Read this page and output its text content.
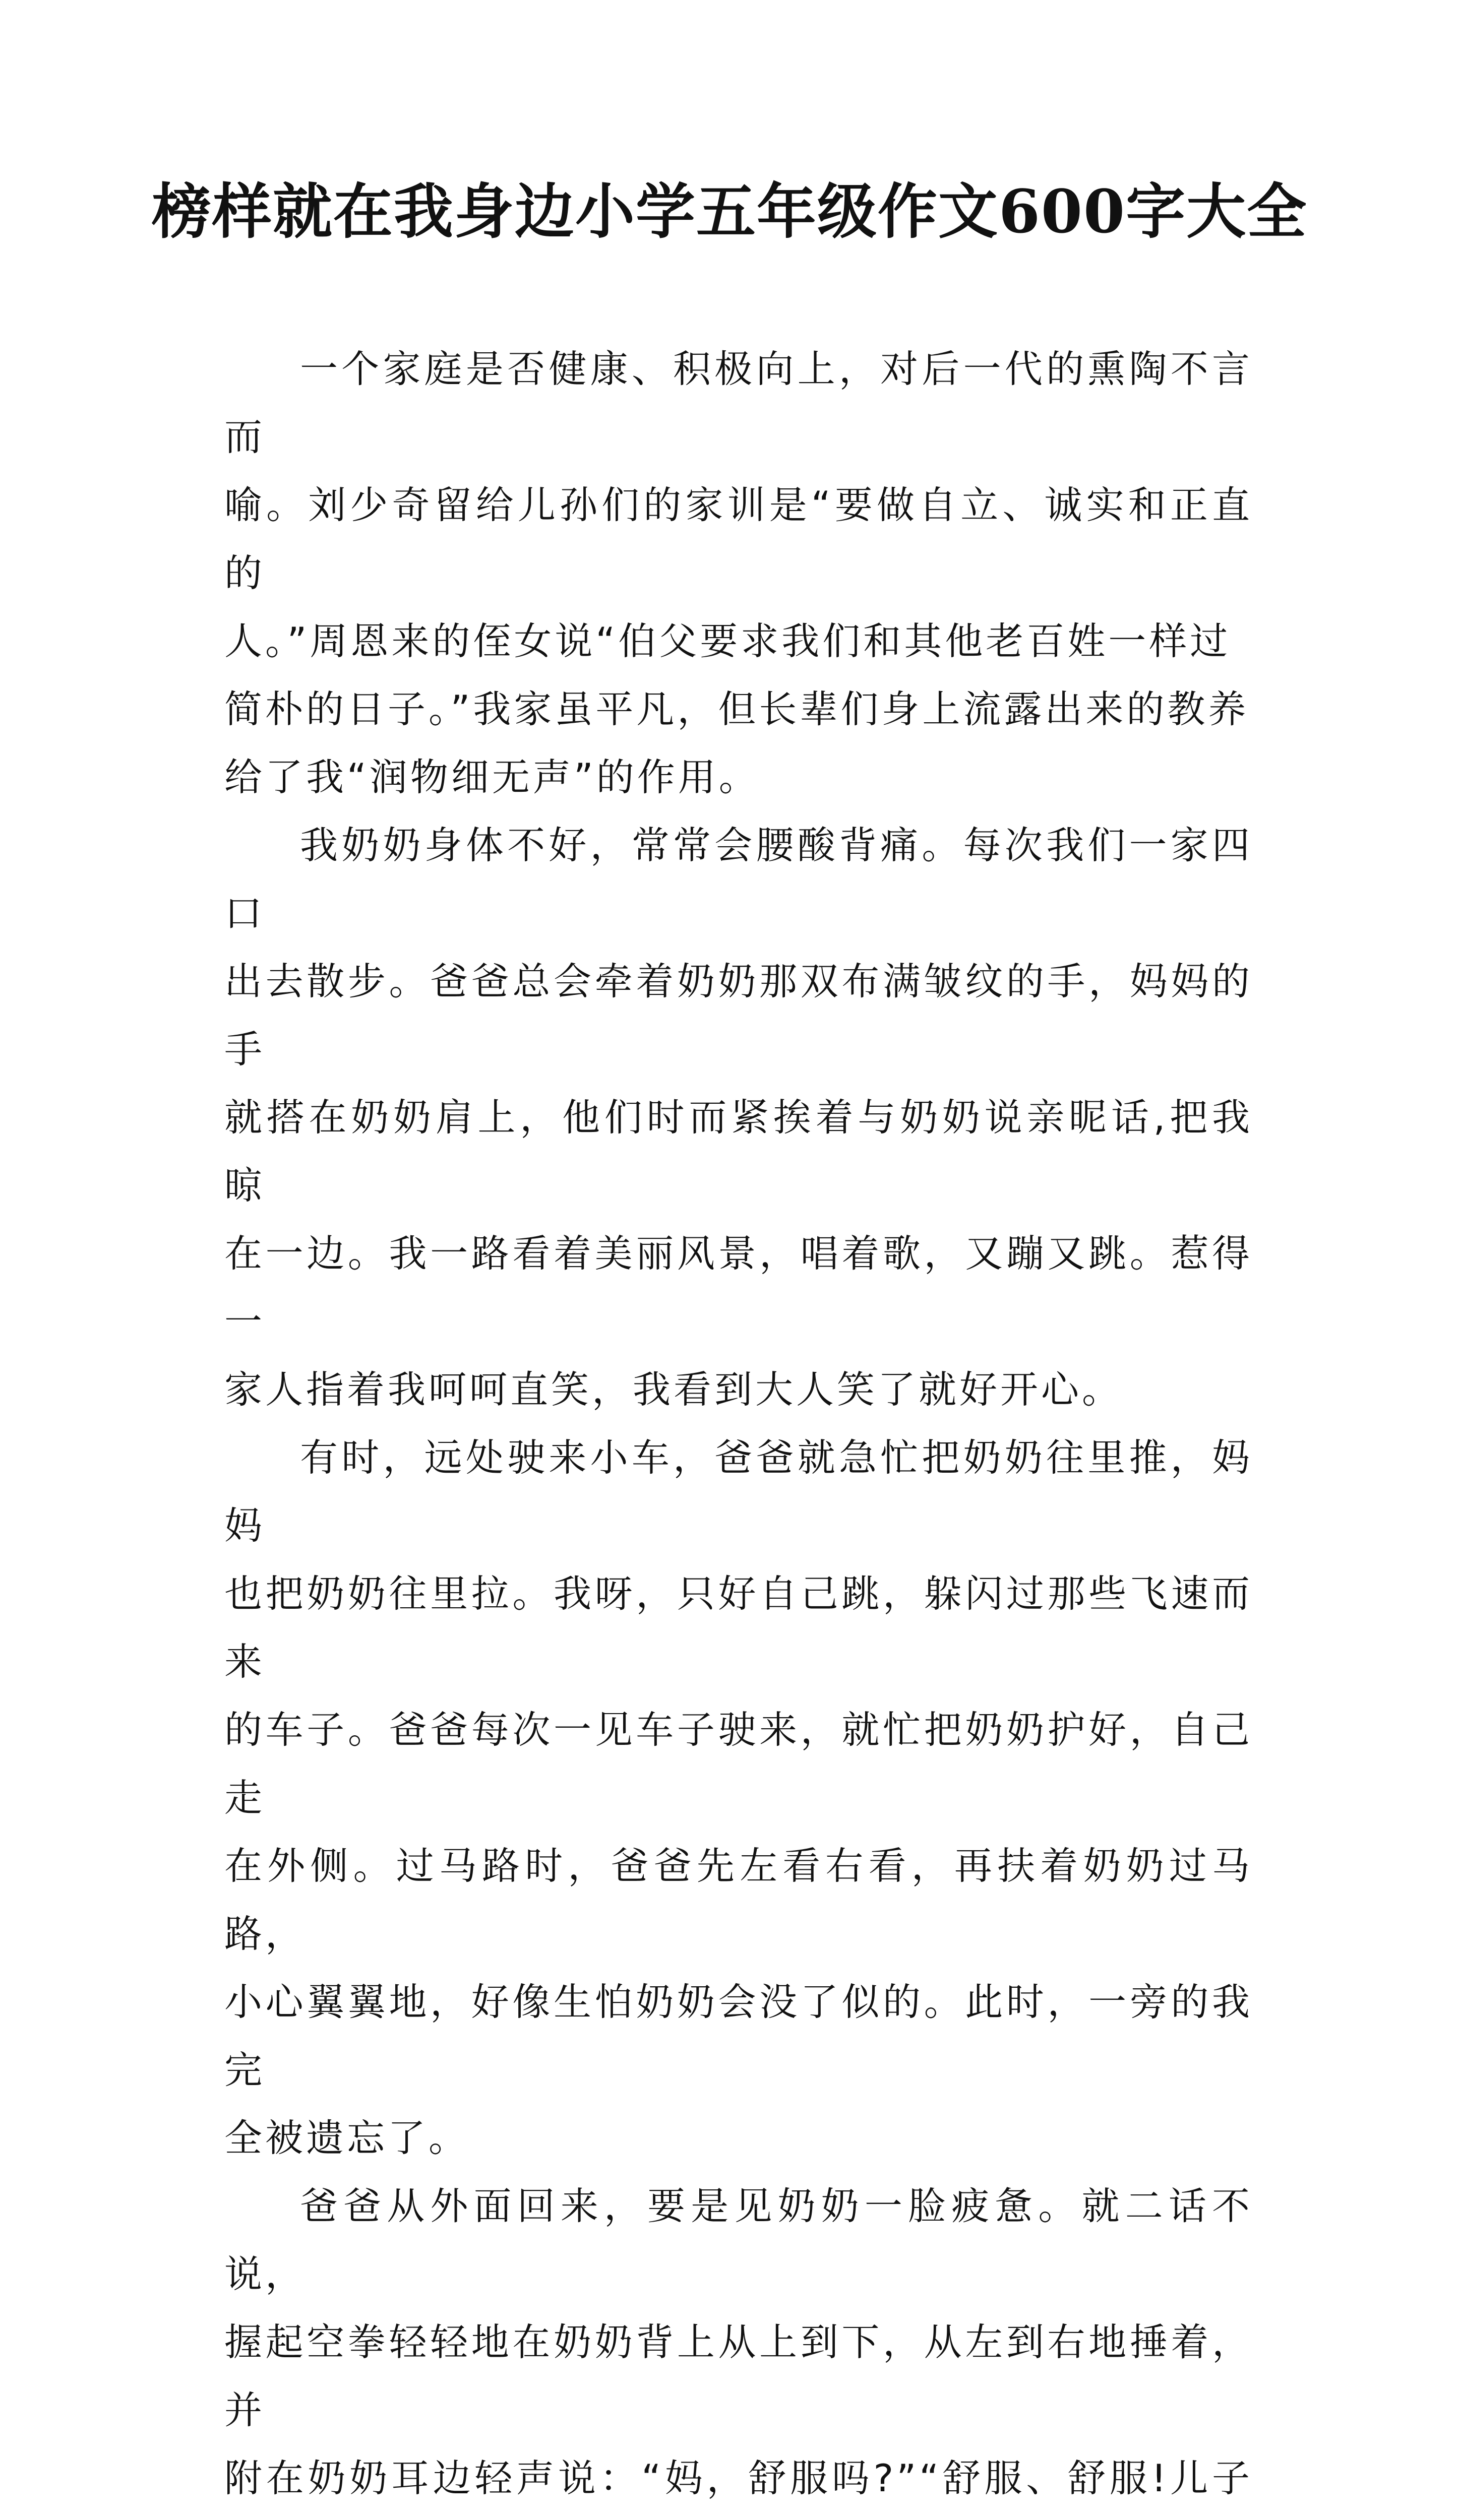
榜样就在我身边小学五年级作文600字大全

一个家庭是否健康、积极向上，对后一代的熏陶不言而
喻。刘少奇留给儿孙们的家训是“要做自立、诚实和正直的
人。”周恩来的侄女说“伯父要求我们和其他老百姓一样过
简朴的日子。”我家虽平凡，但长辈们身上流露出来的教养
给了我“润物细无声”的作用。

我奶奶身体不好，常常会腰酸背痛。每次我们一家四口
出去散步。爸爸总会牵着奶奶那双布满皱纹的手，妈妈的手
就搭在奶奶肩上，他们时而紧挨着与奶奶说亲昵话,把我晾
在一边。我一路看着美丽风景，唱着歌，又蹦又跳。惹得一
家人指着我呵呵直笑，我看到大人笑了就好开心。

有时，远处驶来小车，爸爸就急忙把奶奶往里推，妈妈
也把奶奶往里拉。我呀，只好自己跳，躲闪过那些飞速而来
的车子。爸爸每次一见车子驶来，就忙把奶奶护好，自己走
在外侧。过马路时，爸爸先左看右看，再扶着奶奶过马路，
小心翼翼地，好像生怕奶奶会没了似的。此时，一旁的我完
全被遗忘了。

爸爸从外面回来，要是见奶奶一脸疲惫。就二话不说，
握起空拳轻轻地在奶奶背上从上到下，从左到右地捶着，并
附在奶奶耳边轻声说：“妈，舒服吗?”“舒服、舒服!儿子
